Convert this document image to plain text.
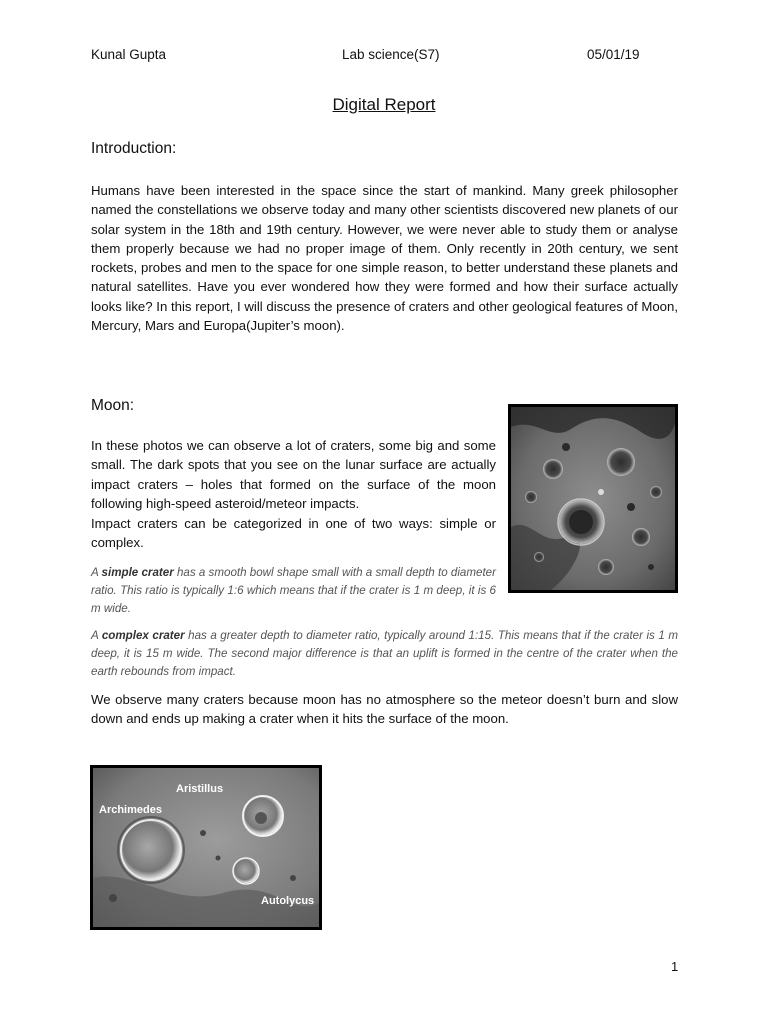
Kunal Gupta	Lab science(S7)	05/01/19
Digital Report
Introduction:

Humans have been interested in the space since the start of mankind. Many greek philosopher named the constellations we observe today and many other scientists discovered new planets of our solar system in the 18th and 19th century. However, we were never able to study them or analyse them properly because we had no proper image of them. Only recently in 20th century, we sent rockets, probes and men to the space for one simple reason, to better understand these planets and natural satellites. Have you ever wondered how they were formed and how their surface actually looks like? In this report, I will discuss the presence of craters and other geological features of Moon, Mercury, Mars and Europa(Jupiter’s moon).

Moon:

In these photos we can observe a lot of craters, some big and some small. The dark spots that you see on the lunar surface are actually impact craters – holes that formed on the surface of the moon following high-speed asteroid/meteor impacts.

Impact craters can be categorized in one of two ways: simple or complex.

A simple crater has a smooth bowl shape small with a small depth to diameter ratio. This ratio is typically 1:6 which means that if the crater is 1 m deep, it is 6 m wide.

A complex crater has a greater depth to diameter ratio, typically around 1:15. This means that if the crater is 1 m deep, it is 15 m wide. The second major difference is that an uplift is formed in the centre of the crater when the earth rebounds from impact.

We observe many craters because moon has no atmosphere so the meteor doesn’t burn and slow down and ends up making a crater when it hits the surface of the moon.

Aristillus
Archimedes
Autolycus
1
